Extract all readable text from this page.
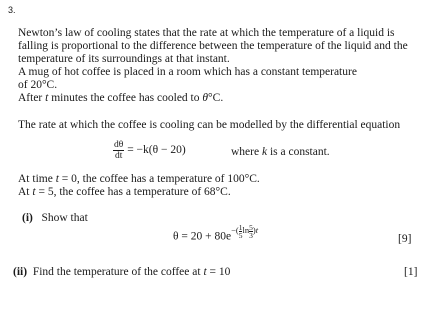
3.
Newton’s law of cooling states that the rate at which the temperature of a liquid is
falling is proportional to the difference between the temperature of the liquid and the
temperature of its surroundings at that instant.
A mug of hot coffee is placed in a room which has a constant temperature
of 20°C.
After t minutes the coffee has cooled to θ°C.
The rate at which the coffee is cooling can be modelled by the differential equation
$\frac{d\theta}{dt} = -k(\theta - 20)$	where k is a constant.
At time t = 0, the coffee has a temperature of 100°C.
At t = 5, the coffee has a temperature of 68°C.
(i) Show that
$\theta = 20 + 80e^{-( \frac{1}{5} ln \frac{5}{3} )t}$
[9]
(ii) Find the temperature of the coffee at t = 10	[1]
